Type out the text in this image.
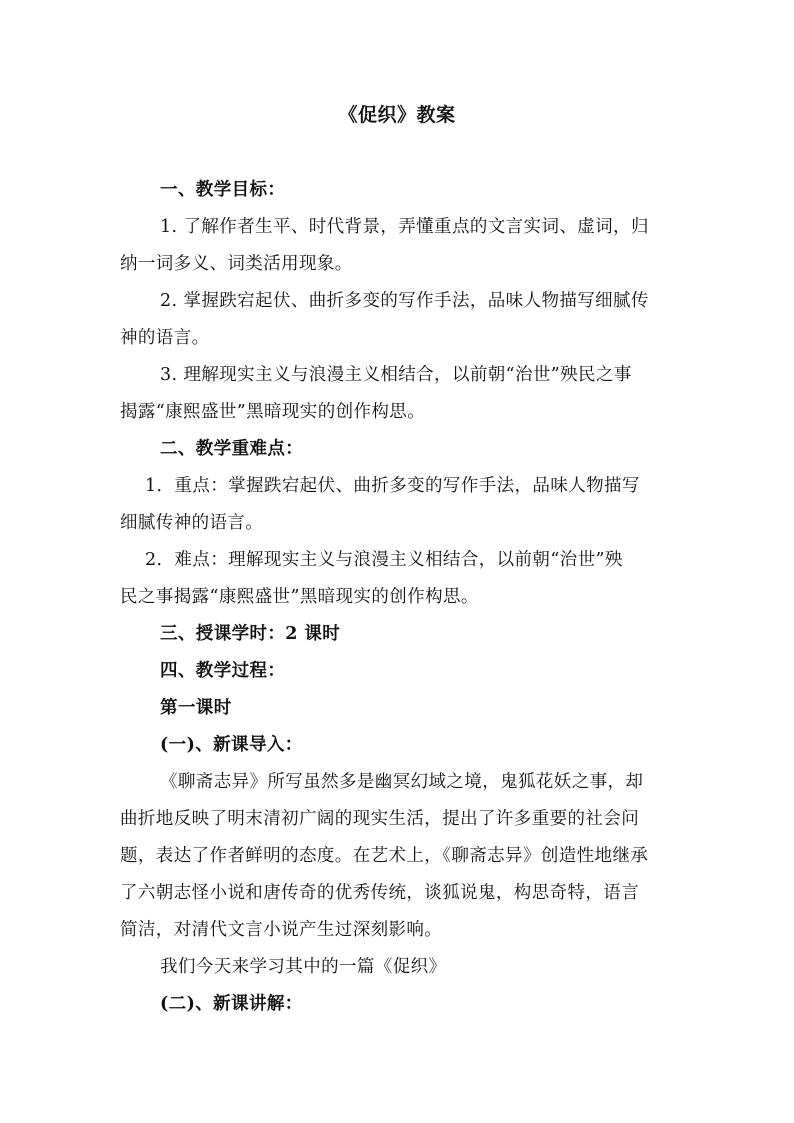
《促织》教案
一、教学目标：
1. 了解作者生平、时代背景，弄懂重点的文言实词、虚词，归
纳一词多义、词类活用现象。
2. 掌握跌宕起伏、曲折多变的写作手法，品味人物描写细腻传
神的语言。
3. 理解现实主义与浪漫主义相结合，以前朝“治世”殃民之事
揭露“康熙盛世”黑暗现实的创作构思。
二、教学重难点：
1．重点：掌握跌宕起伏、曲折多变的写作手法，品味人物描写
细腻传神的语言。
2．难点：理解现实主义与浪漫主义相结合，以前朝“治世”殃
民之事揭露“康熙盛世”黑暗现实的创作构思。
三、授课学时：2 课时
四、教学过程：
第一课时
(一)、新课导入：
《聊斋志异》所写虽然多是幽冥幻域之境，鬼狐花妖之事，却
曲折地反映了明末清初广阔的现实生活，提出了许多重要的社会问
题，表达了作者鲜明的态度。在艺术上，《聊斋志异》创造性地继承
了六朝志怪小说和唐传奇的优秀传统，谈狐说鬼，构思奇特，语言
简洁，对清代文言小说产生过深刻影响。
我们今天来学习其中的一篇《促织》
(二)、新课讲解：
